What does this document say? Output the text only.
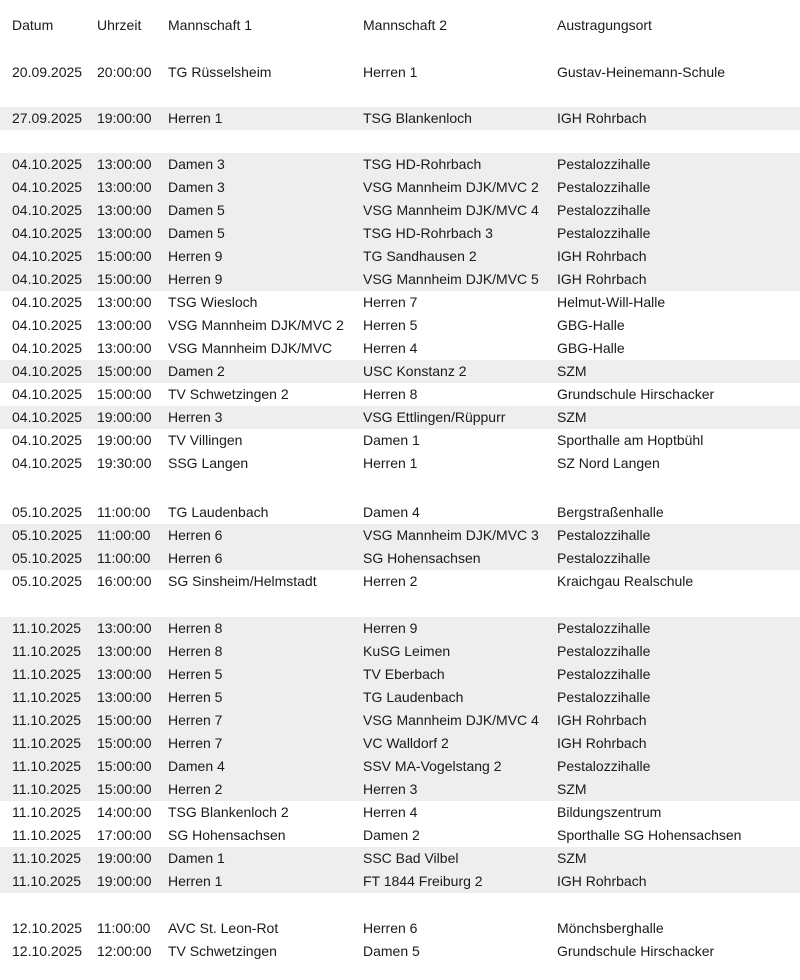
Datum	Uhrzeit	Mannschaft 1	Mannschaft 2	Austragungsort
20.09.2025	20:00:00	TG Rüsselsheim	Herren 1	Gustav-Heinemann-Schule
27.09.2025	19:00:00	Herren 1	TSG Blankenloch	IGH Rohrbach
04.10.2025	13:00:00	Damen 3	TSG HD-Rohrbach	Pestalozzihalle
04.10.2025	13:00:00	Damen 3	VSG Mannheim DJK/MVC 2	Pestalozzihalle
04.10.2025	13:00:00	Damen 5	VSG Mannheim DJK/MVC 4	Pestalozzihalle
04.10.2025	13:00:00	Damen 5	TSG HD-Rohrbach 3	Pestalozzihalle
04.10.2025	15:00:00	Herren 9	TG Sandhausen 2	IGH Rohrbach
04.10.2025	15:00:00	Herren 9	VSG Mannheim DJK/MVC 5	IGH Rohrbach
04.10.2025	13:00:00	TSG Wiesloch	Herren 7	Helmut-Will-Halle
04.10.2025	13:00:00	VSG Mannheim DJK/MVC 2	Herren 5	GBG-Halle
04.10.2025	13:00:00	VSG Mannheim DJK/MVC	Herren 4	GBG-Halle
04.10.2025	15:00:00	Damen 2	USC Konstanz 2	SZM
04.10.2025	15:00:00	TV Schwetzingen 2	Herren 8	Grundschule Hirschacker
04.10.2025	19:00:00	Herren 3	VSG Ettlingen/Rüppurr	SZM
04.10.2025	19:00:00	TV Villingen	Damen 1	Sporthalle am Hoptbühl
04.10.2025	19:30:00	SSG Langen	Herren 1	SZ Nord Langen
05.10.2025	11:00:00	TG Laudenbach	Damen 4	Bergstraßenhalle
05.10.2025	11:00:00	Herren 6	VSG Mannheim DJK/MVC 3	Pestalozzihalle
05.10.2025	11:00:00	Herren 6	SG Hohensachsen	Pestalozzihalle
05.10.2025	16:00:00	SG Sinsheim/Helmstadt	Herren 2	Kraichgau Realschule
11.10.2025	13:00:00	Herren 8	Herren 9	Pestalozzihalle
11.10.2025	13:00:00	Herren 8	KuSG Leimen	Pestalozzihalle
11.10.2025	13:00:00	Herren 5	TV Eberbach	Pestalozzihalle
11.10.2025	13:00:00	Herren 5	TG Laudenbach	Pestalozzihalle
11.10.2025	15:00:00	Herren 7	VSG Mannheim DJK/MVC 4	IGH Rohrbach
11.10.2025	15:00:00	Herren 7	VC Walldorf 2	IGH Rohrbach
11.10.2025	15:00:00	Damen 4	SSV MA-Vogelstang 2	Pestalozzihalle
11.10.2025	15:00:00	Herren 2	Herren 3	SZM
11.10.2025	14:00:00	TSG Blankenloch 2	Herren 4	Bildungszentrum
11.10.2025	17:00:00	SG Hohensachsen	Damen 2	Sporthalle SG Hohensachsen
11.10.2025	19:00:00	Damen 1	SSC Bad Vilbel	SZM
11.10.2025	19:00:00	Herren 1	FT 1844 Freiburg 2	IGH Rohrbach
12.10.2025	11:00:00	AVC St. Leon-Rot	Herren 6	Mönchsberghalle
12.10.2025	12:00:00	TV Schwetzingen	Damen 5	Grundschule Hirschacker
